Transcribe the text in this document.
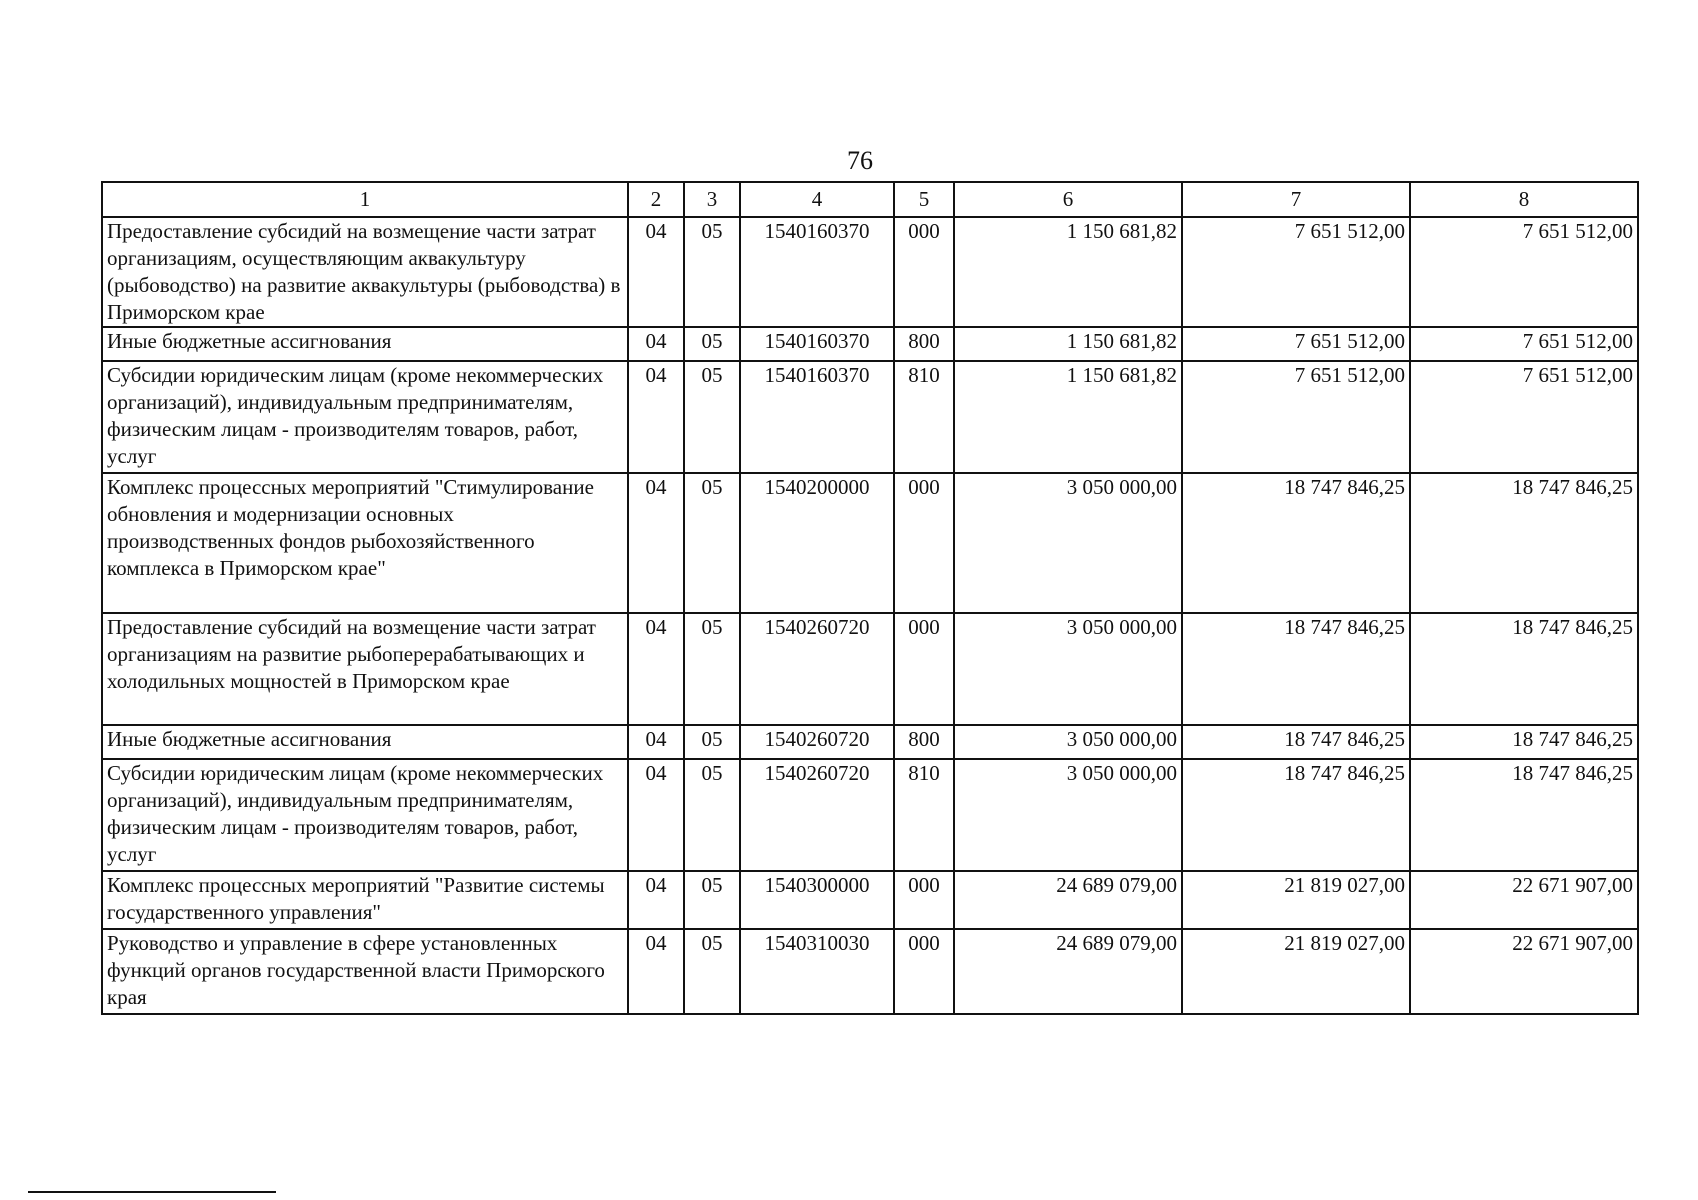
76
1	2	3	4	5	6	7	8
Предоставление субсидий на возмещение части затрат организациям, осуществляющим аквакультуру (рыбоводство) на развитие аквакультуры (рыбоводства) в Приморском крае	04	05	1540160370	000	1 150 681,82	7 651 512,00	7 651 512,00
Иные бюджетные ассигнования	04	05	1540160370	800	1 150 681,82	7 651 512,00	7 651 512,00
Субсидии юридическим лицам (кроме некоммерческих организаций), индивидуальным предпринимателям, физическим лицам - производителям товаров, работ, услуг	04	05	1540160370	810	1 150 681,82	7 651 512,00	7 651 512,00
Комплекс процессных мероприятий "Стимулирование обновления и модернизации основных производственных фондов рыбохозяйственного комплекса в Приморском крае"	04	05	1540200000	000	3 050 000,00	18 747 846,25	18 747 846,25
Предоставление субсидий на возмещение части затрат организациям на развитие рыбоперерабатывающих и холодильных мощностей в Приморском крае	04	05	1540260720	000	3 050 000,00	18 747 846,25	18 747 846,25
Иные бюджетные ассигнования	04	05	1540260720	800	3 050 000,00	18 747 846,25	18 747 846,25
Субсидии юридическим лицам (кроме некоммерческих организаций), индивидуальным предпринимателям, физическим лицам - производителям товаров, работ, услуг	04	05	1540260720	810	3 050 000,00	18 747 846,25	18 747 846,25
Комплекс процессных мероприятий "Развитие системы государственного управления"	04	05	1540300000	000	24 689 079,00	21 819 027,00	22 671 907,00
Руководство и управление в сфере установленных функций органов государственной власти Приморского края	04	05	1540310030	000	24 689 079,00	21 819 027,00	22 671 907,00
